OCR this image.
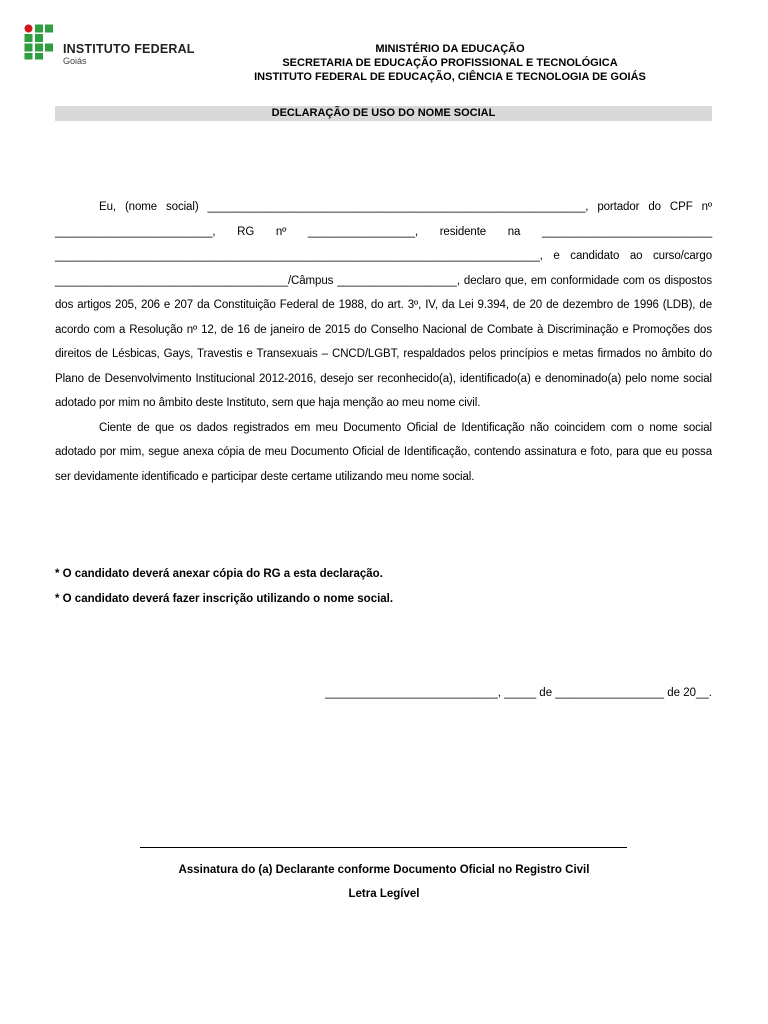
INSTITUTO FEDERAL
Goiás
MINISTÉRIO DA EDUCAÇÃO
SECRETARIA DE EDUCAÇÃO PROFISSIONAL E TECNOLÓGICA
INSTITUTO FEDERAL DE EDUCAÇÃO, CIÊNCIA E TECNOLOGIA DE GOIÁS
DECLARAÇÃO DE USO DO NOME SOCIAL

Eu, (nome social) ____________________________________________________________, portador do CPF nº _________________________, RG nº _________________, residente na ___________________________ _____________________________________________________________________________, e candidato ao curso/cargo _____________________________________/Câmpus ___________________, declaro que, em conformidade com os dispostos dos artigos 205, 206 e 207 da Constituição Federal de 1988, do art. 3º, IV, da Lei 9.394, de 20 de dezembro de 1996 (LDB), de acordo com a Resolução nº 12, de 16 de janeiro de 2015 do Conselho Nacional de Combate à Discriminação e Promoções dos direitos de Lésbicas, Gays, Travestis e Transexuais – CNCD/LGBT, respaldados pelos princípios e metas firmados no âmbito do Plano de Desenvolvimento Institucional 2012-2016, desejo ser reconhecido(a), identificado(a) e denominado(a) pelo nome social adotado por mim no âmbito deste Instituto, sem que haja menção ao meu nome civil.

Ciente de que os dados registrados em meu Documento Oficial de Identificação não coincidem com o nome social adotado por mim, segue anexa cópia de meu Documento Oficial de Identificação, contendo assinatura e foto, para que eu possa ser devidamente identificado e participar deste certame utilizando meu nome social.

* O candidato deverá anexar cópia do RG a esta declaração.
* O candidato deverá fazer inscrição utilizando o nome social.
___________________________, _____ de _________________ de 20__.
Assinatura do (a) Declarante conforme Documento Oficial no Registro Civil
Letra Legível
